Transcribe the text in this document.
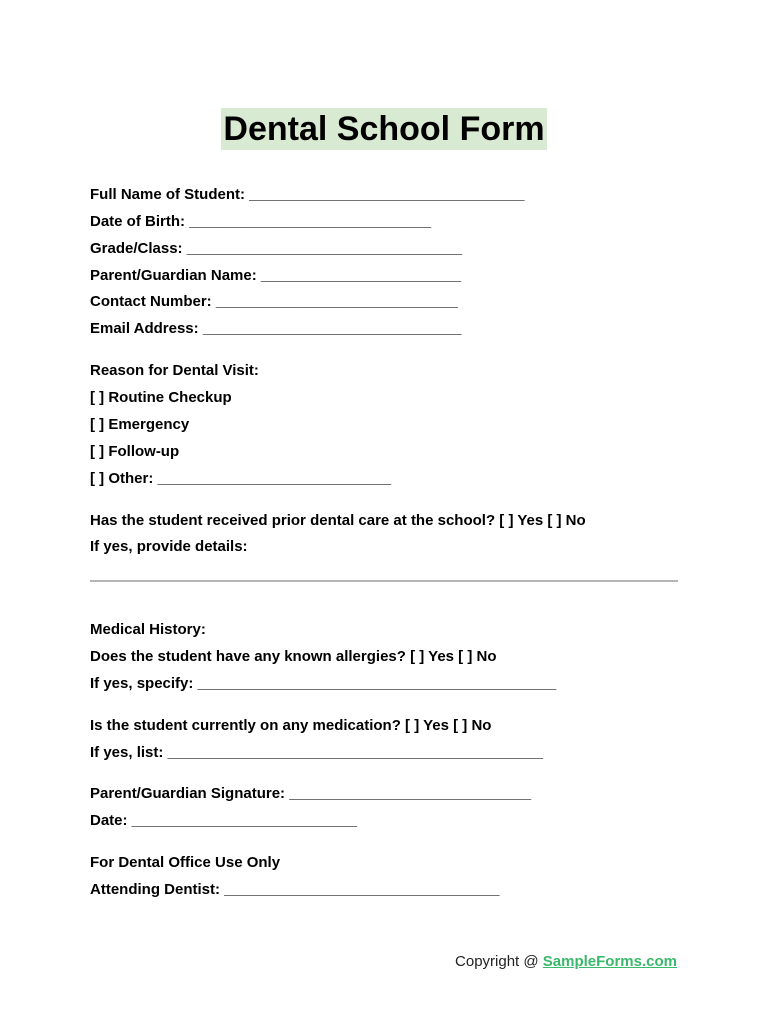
Dental School Form
Full Name of Student: _________________________________
Date of Birth: _____________________________
Grade/Class: _________________________________
Parent/Guardian Name: ________________________
Contact Number: _____________________________
Email Address: _______________________________
Reason for Dental Visit:
[ ] Routine Checkup
[ ] Emergency
[ ] Follow-up
[ ] Other: ____________________________
Has the student received prior dental care at the school? [ ] Yes [ ] No
If yes, provide details:
Medical History:
Does the student have any known allergies? [ ] Yes [ ] No
If yes, specify: ___________________________________________
Is the student currently on any medication? [ ] Yes [ ] No
If yes, list: _____________________________________________
Parent/Guardian Signature: _____________________________
Date: ___________________________
For Dental Office Use Only
Attending Dentist: _________________________________
Copyright @ SampleForms.com
